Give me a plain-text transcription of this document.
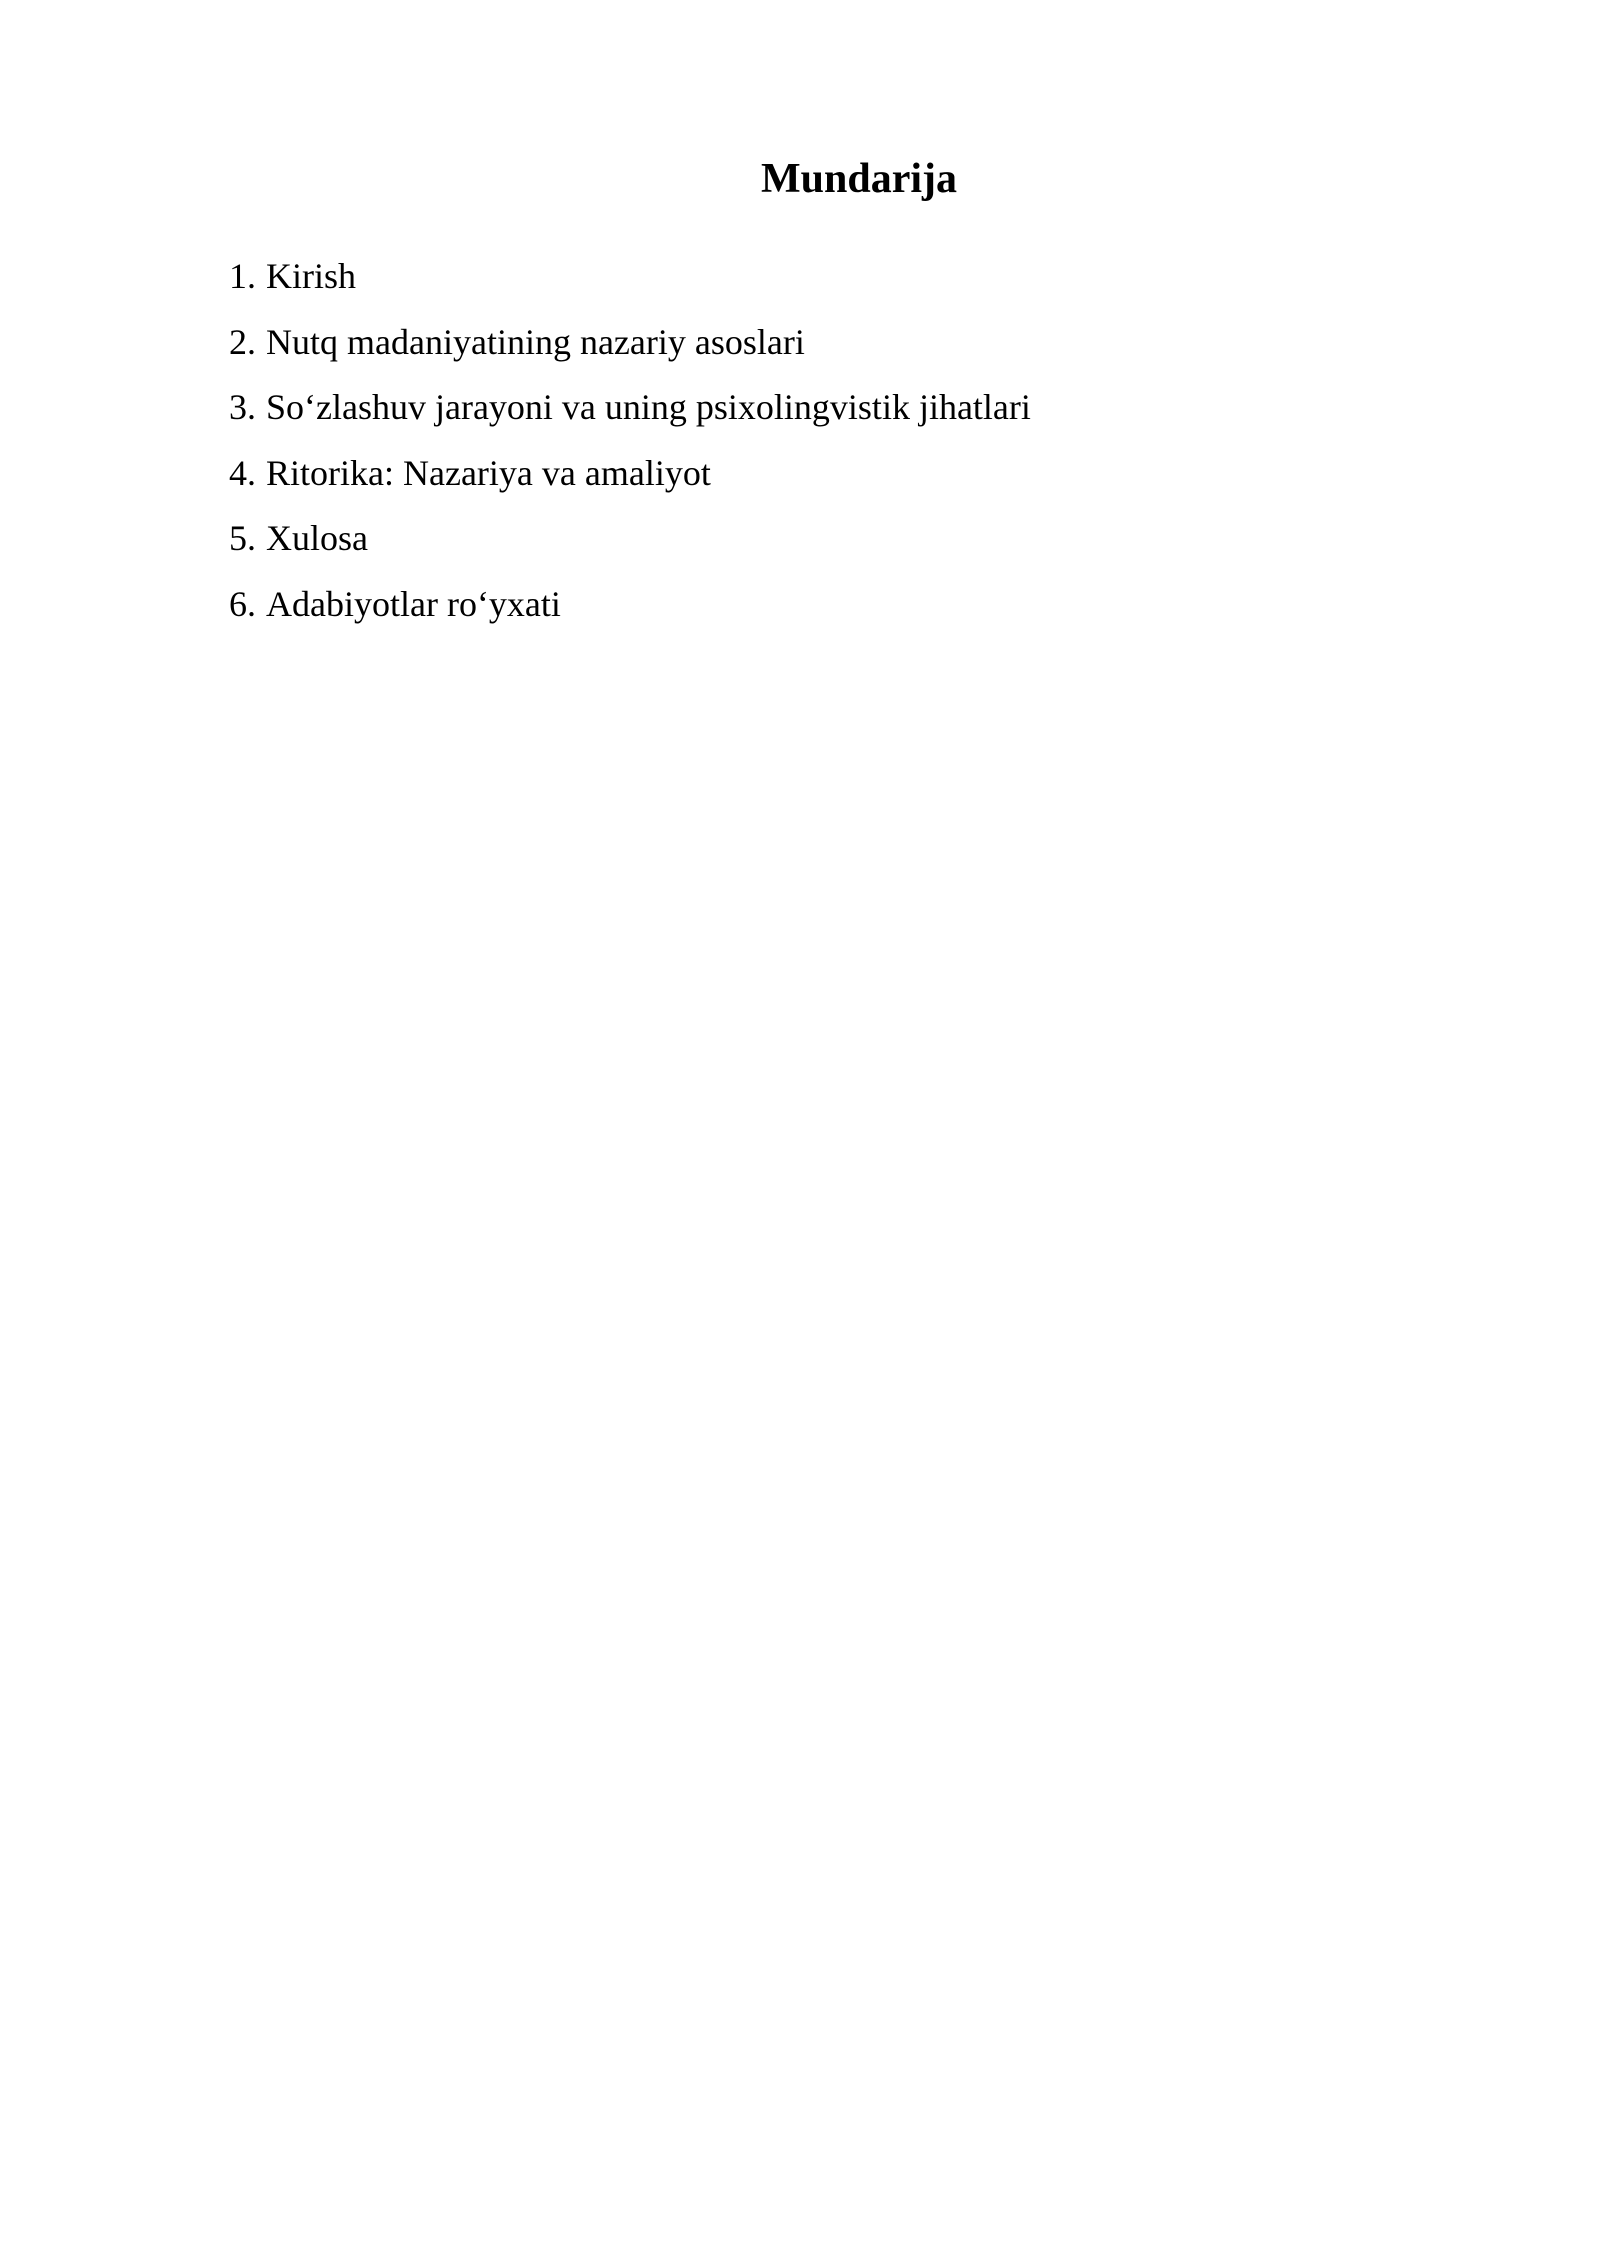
Mundarija
1. Kirish
2. Nutq madaniyatining nazariy asoslari
3. So‘zlashuv jarayoni va uning psixolingvistik jihatlari
4. Ritorika: Nazariya va amaliyot
5. Xulosa
6. Adabiyotlar ro‘yxati
